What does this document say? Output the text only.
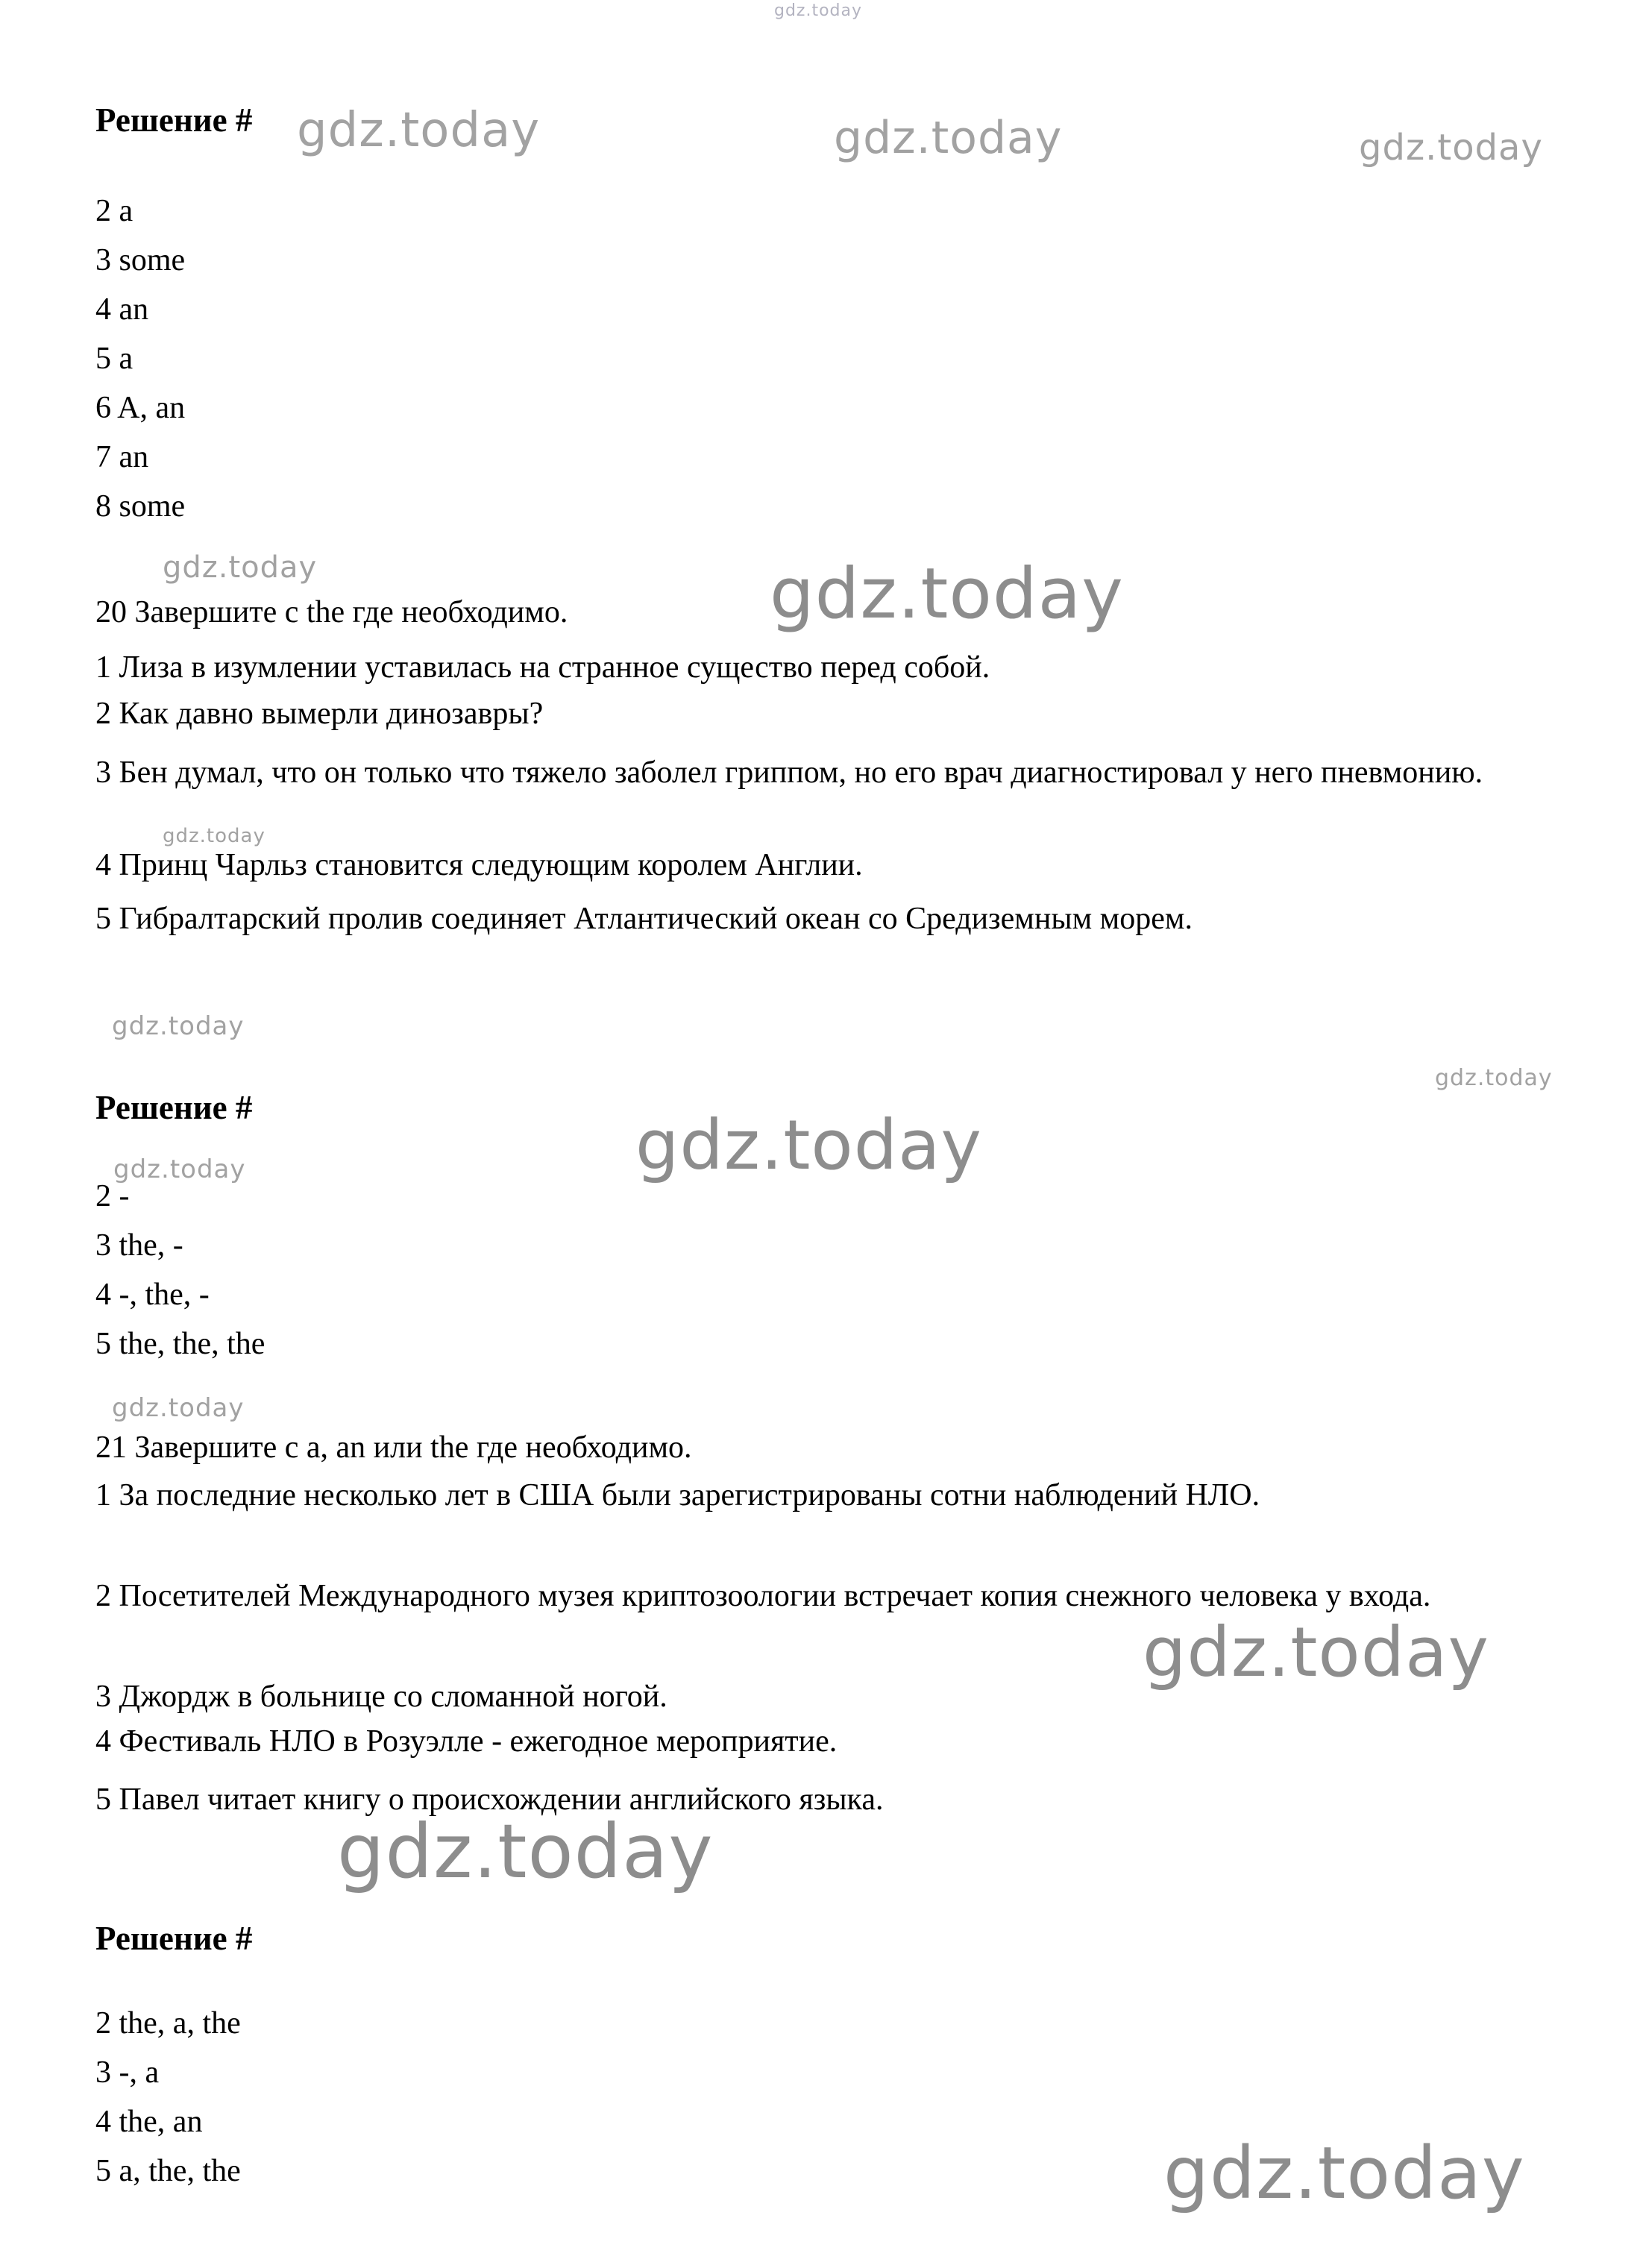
gdz.today
gdz.today	gdz.today	gdz.today
gdz.today	gdz.today
gdz.today
gdz.today
gdz.today
gdz.today
gdz.today
gdz.today
gdz.today
gdz.today
gdz.today
Решение #
2 a
3 some
4 an
5 a
6 A, an
7 an
8 some
20 Завершите с the где необходимо.
1 Лиза в изумлении уставилась на странное существо перед собой.
2 Как давно вымерли динозавры?
3 Бен думал, что он только что тяжело заболел гриппом, но его врач диагностировал у него пневмонию.
4 Принц Чарльз становится следующим королем Англии.
5 Гибралтарский пролив соединяет Атлантический океан со Средиземным морем.
Решение #
2 -
3 the, -
4 -, the, -
5 the, the, the
21 Завершите с a, an или the где необходимо.
1 За последние несколько лет в США были зарегистрированы сотни наблюдений НЛО.
2 Посетителей Международного музея криптозоологии встречает копия снежного человека у входа.
3 Джордж в больнице со сломанной ногой.
4 Фестиваль НЛО в Розуэлле - ежегодное мероприятие.
5 Павел читает книгу о происхождении английского языка.
Решение #
2 the, a, the
3 -, a
4 the, an
5 a, the, the
